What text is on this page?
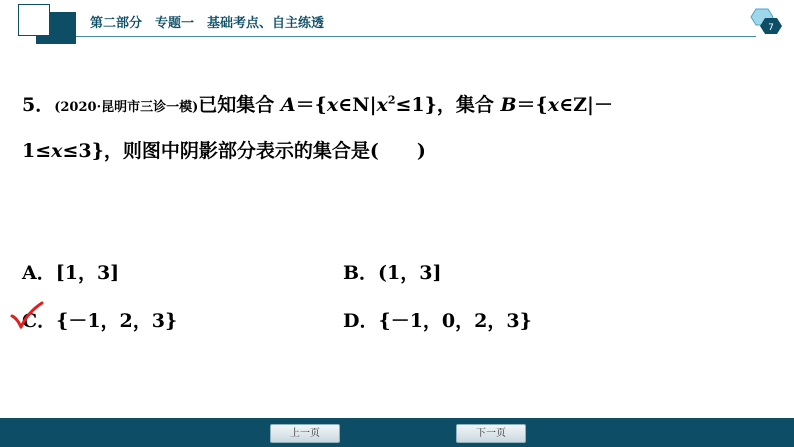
第二部分　专题一　基础考点、自主练透	7
5．(2020·昆明市三诊一模)已知集合 $A=\{x\in N|x^2\le 1\}$，集合 B＝{x∈Z|－
1≤x≤3}，则图中阴影部分表示的集合是(　　)
A．[1，3]	B．(1，3]
C．{－1，2，3}	D．{－1，0，2，3}
上一页	下一页
